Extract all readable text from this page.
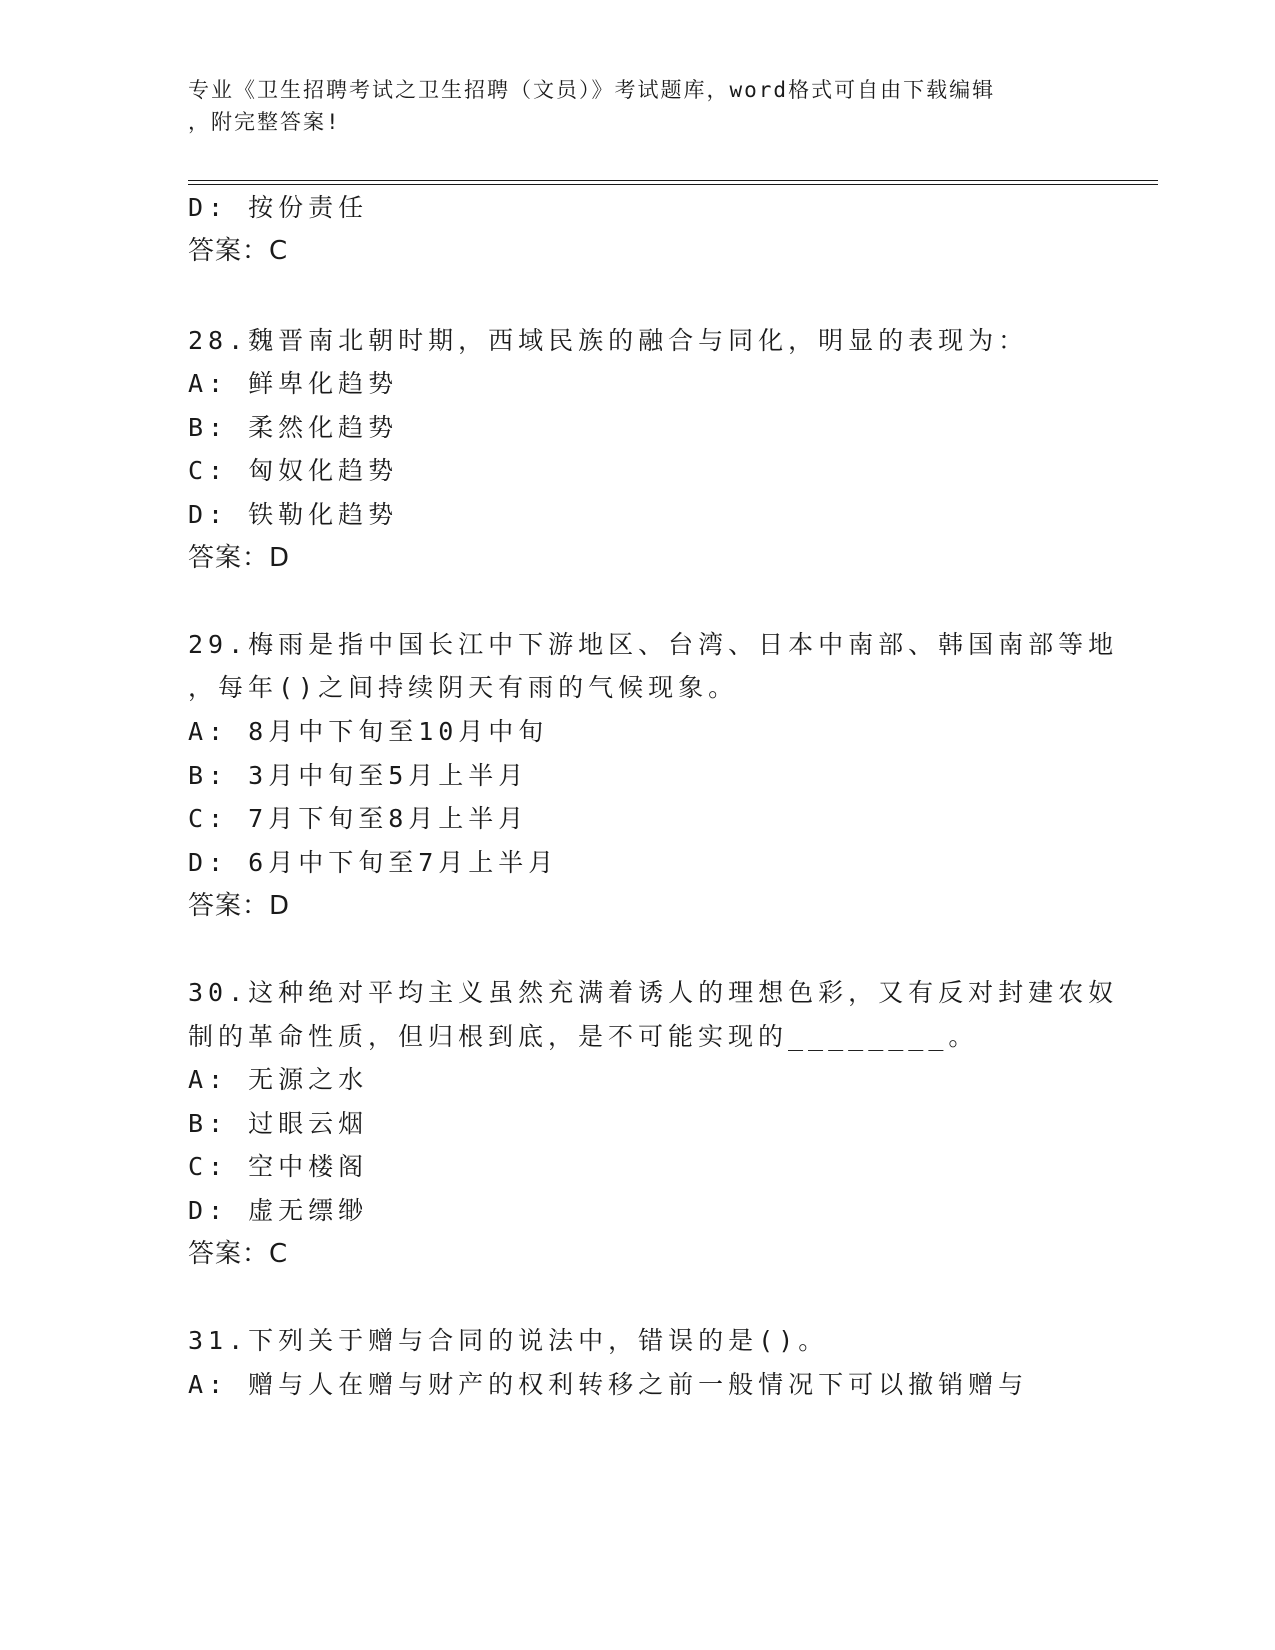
专业《卫生招聘考试之卫生招聘（文员）》考试题库，word格式可自由下载编辑
，附完整答案!
D: 按份责任
答案：C
28.魏晋南北朝时期，西域民族的融合与同化，明显的表现为：
A: 鲜卑化趋势
B: 柔然化趋势
C: 匈奴化趋势
D: 铁勒化趋势
答案：D
29.梅雨是指中国长江中下游地区、台湾、日本中南部、韩国南部等地
，每年()之间持续阴天有雨的气候现象。
A: 8月中下旬至10月中旬
B: 3月中旬至5月上半月
C: 7月下旬至8月上半月
D: 6月中下旬至7月上半月
答案：D
30.这种绝对平均主义虽然充满着诱人的理想色彩，又有反对封建农奴
制的革命性质，但归根到底，是不可能实现的________。
A: 无源之水
B: 过眼云烟
C: 空中楼阁
D: 虚无缥缈
答案：C
31.下列关于赠与合同的说法中，错误的是()。
A: 赠与人在赠与财产的权利转移之前一般情况下可以撤销赠与
